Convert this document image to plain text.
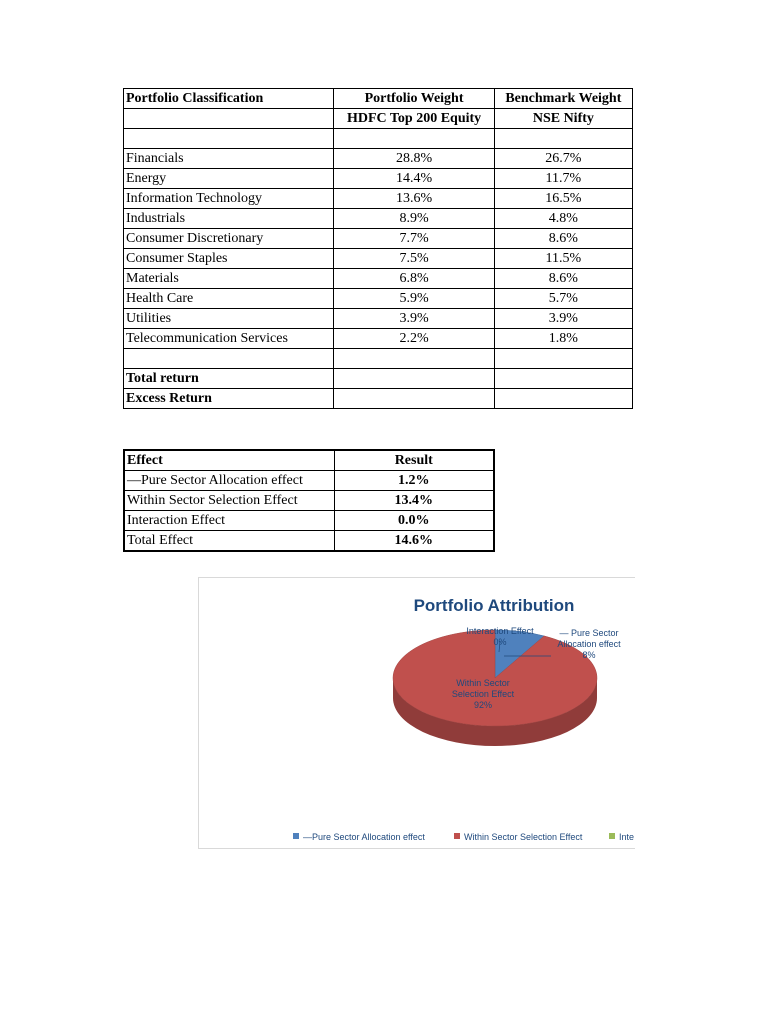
Portfolio Classification	Portfolio Weight	Benchmark Weight
	HDFC Top 200 Equity	NSE Nifty

Financials	28.8%	26.7%
Energy	14.4%	11.7%
Information Technology	13.6%	16.5%
Industrials	8.9%	4.8%
Consumer Discretionary	7.7%	8.6%
Consumer Staples	7.5%	11.5%
Materials	6.8%	8.6%
Health Care	5.9%	5.7%
Utilities	3.9%	3.9%
Telecommunication Services	2.2%	1.8%

Total return		
Excess Return		
Effect	Result
—Pure Sector Allocation effect	1.2%
Within Sector Selection Effect	13.4%
Interaction Effect	0.0%
Total Effect	14.6%
Portfolio Attribution
— Pure Sector
Allocation effect
8%
Within Sector
Selection Effect
92%
Interaction Effect
0%
—Pure Sector Allocation effect	Within Sector Selection Effect	Inte
